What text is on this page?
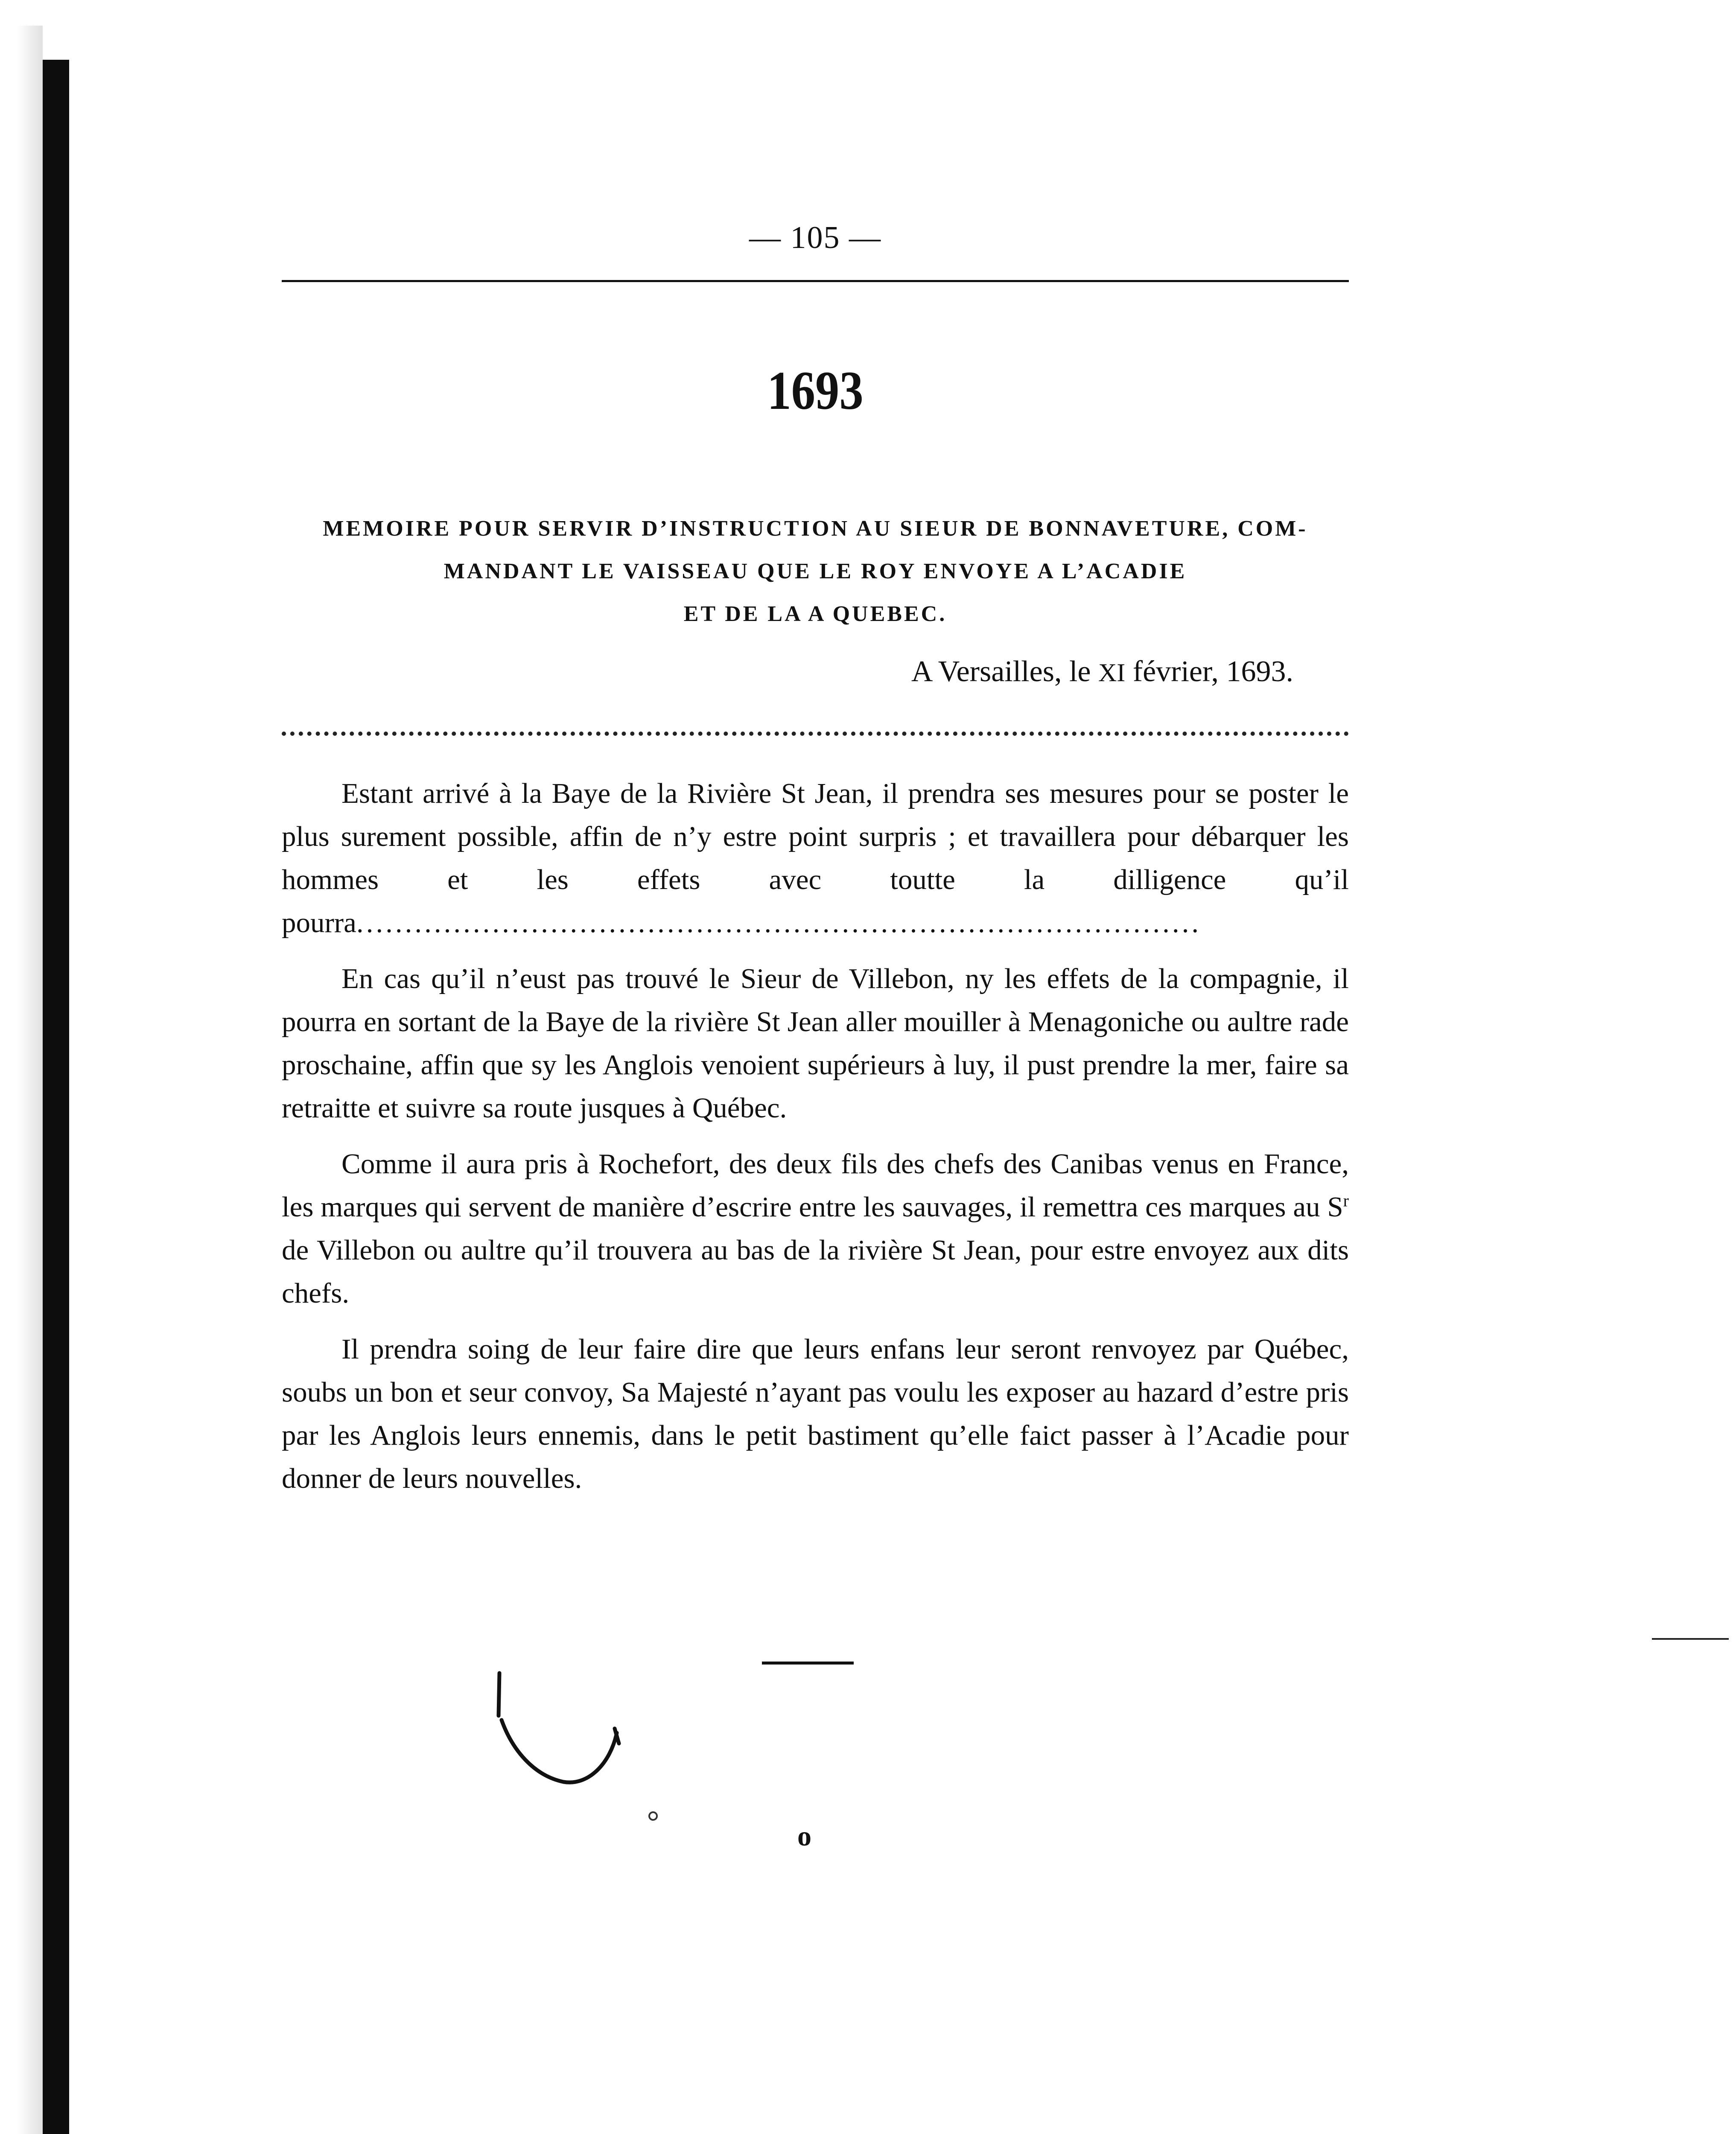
— 105 —
1693
MEMOIRE POUR SERVIR D’INSTRUCTION AU SIEUR DE BONNAVETURE, COM-
MANDANT LE VAISSEAU QUE LE ROY ENVOYE A L’ACADIE
ET DE LA A QUEBEC.
A Versailles, le XI février, 1693.

Estant arrivé à la Baye de la Rivière St Jean, il prendra ses mesures pour se poster le plus surement possible, affin de n’y estre point surpris ; et travaillera pour débarquer les hommes et les effets avec toutte la dilligence qu’il pourra.......................................................................................

En cas qu’il n’eust pas trouvé le Sieur de Villebon, ny les effets de la compagnie, il pourra en sortant de la Baye de la rivière St Jean aller mouiller à Menagoniche ou aultre rade proschaine, affin que sy les Anglois venoient supérieurs à luy, il pust prendre la mer, faire sa retraitte et suivre sa route jusques à Québec.

Comme il aura pris à Rochefort, des deux fils des chefs des Canibas venus en France, les marques qui servent de manière d’escrire entre les sauvages, il remettra ces marques au $S^r$ de Villebon ou aultre qu’il trouvera au bas de la rivière St Jean, pour estre envoyez aux dits chefs.

Il prendra soing de leur faire dire que leurs enfans leur seront renvoyez par Québec, soubs un bon et seur convoy, Sa Majesté n’ayant pas voulu les exposer au hazard d’estre pris par les Anglois leurs ennemis, dans le petit bastiment qu’elle faict passer à l’Acadie pour donner de leurs nouvelles.

o
